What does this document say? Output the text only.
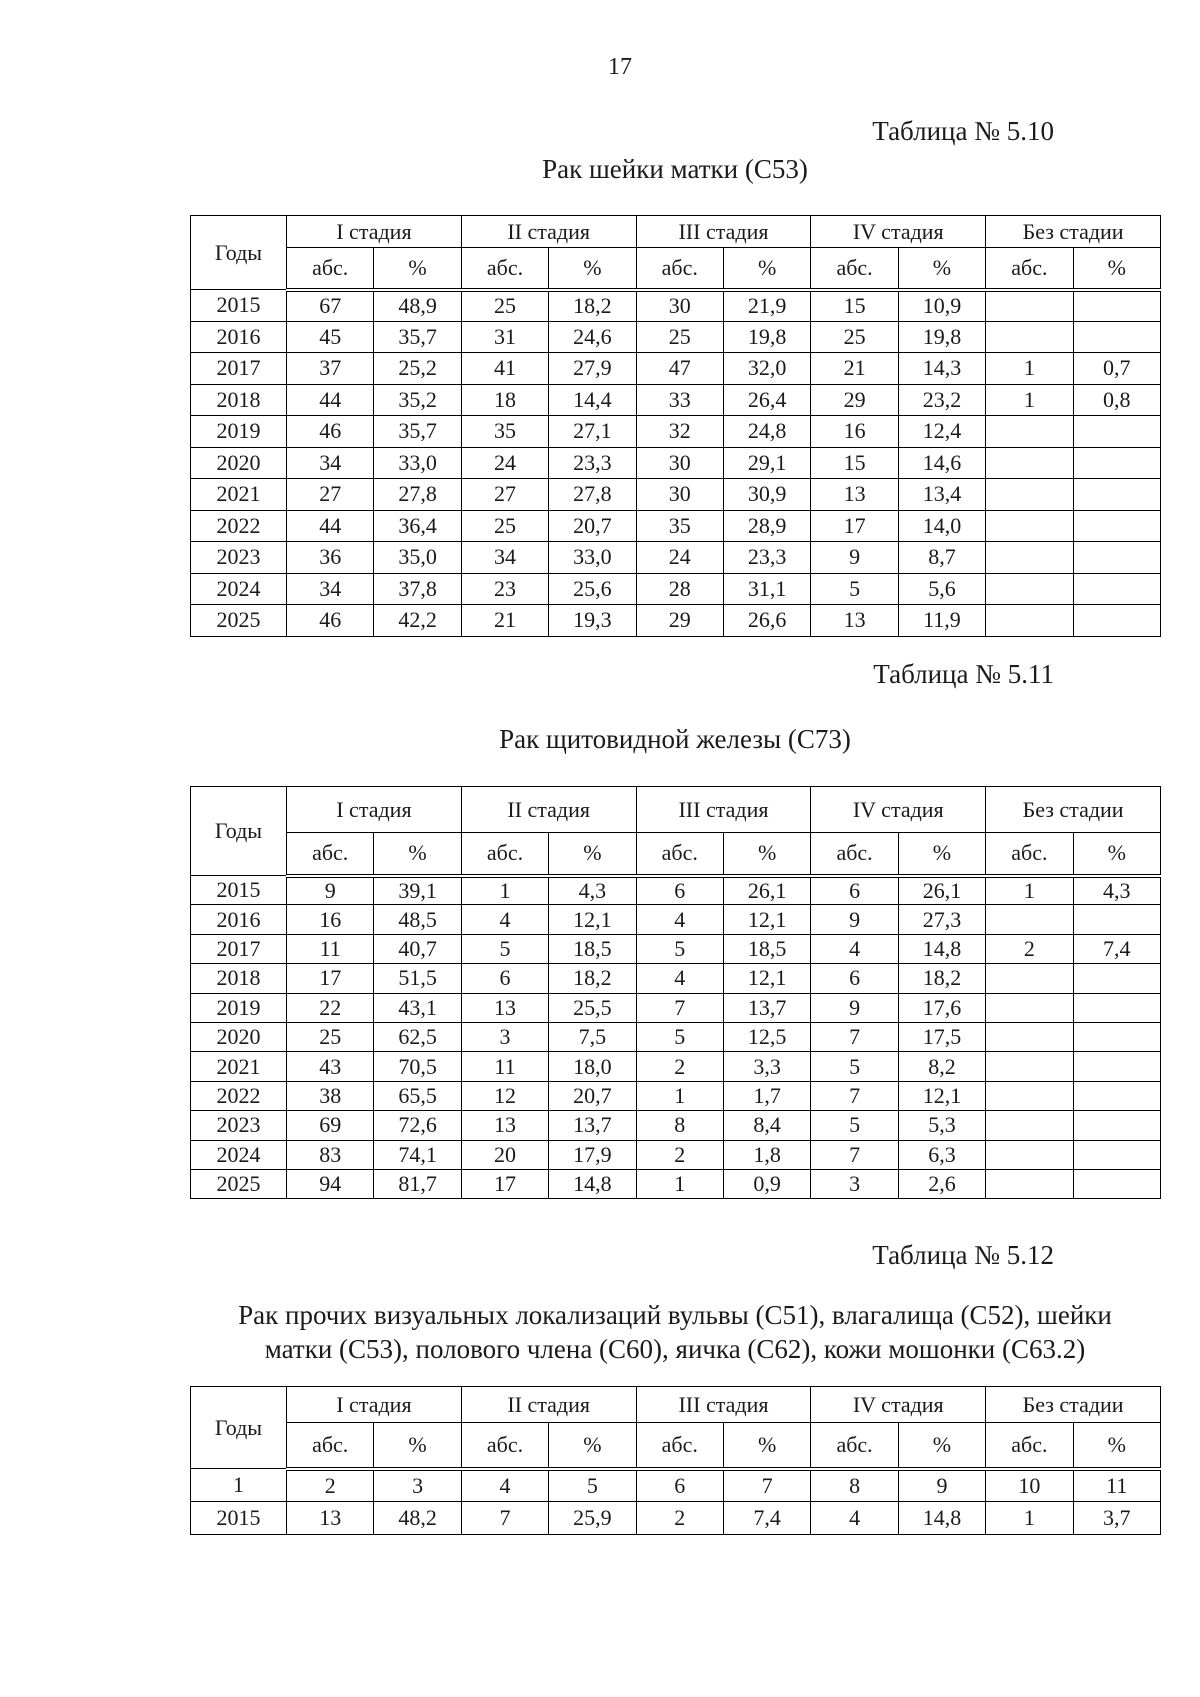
17
Таблица № 5.10
Рак шейки матки (С53)
Годы	I стадия		II стадия		III стадия		IV стадия		Без стадии	
	абс.	%	абс.	%	абс.	%	абс.	%	абс.	%
2015	67	48,9	25	18,2	30	21,9	15	10,9		
2016	45	35,7	31	24,6	25	19,8	25	19,8		
2017	37	25,2	41	27,9	47	32,0	21	14,3	1	0,7
2018	44	35,2	18	14,4	33	26,4	29	23,2	1	0,8
2019	46	35,7	35	27,1	32	24,8	16	12,4		
2020	34	33,0	24	23,3	30	29,1	15	14,6		
2021	27	27,8	27	27,8	30	30,9	13	13,4		
2022	44	36,4	25	20,7	35	28,9	17	14,0		
2023	36	35,0	34	33,0	24	23,3	9	8,7		
2024	34	37,8	23	25,6	28	31,1	5	5,6		
2025	46	42,2	21	19,3	29	26,6	13	11,9		
Таблица № 5.11
Рак щитовидной железы (С73)
Годы	I стадия		II стадия		III стадия		IV стадия		Без стадии	
	абс.	%	абс.	%	абс.	%	абс.	%	абс.	%
2015	9	39,1	1	4,3	6	26,1	6	26,1	1	4,3
2016	16	48,5	4	12,1	4	12,1	9	27,3		
2017	11	40,7	5	18,5	5	18,5	4	14,8	2	7,4
2018	17	51,5	6	18,2	4	12,1	6	18,2		
2019	22	43,1	13	25,5	7	13,7	9	17,6		
2020	25	62,5	3	7,5	5	12,5	7	17,5		
2021	43	70,5	11	18,0	2	3,3	5	8,2		
2022	38	65,5	12	20,7	1	1,7	7	12,1		
2023	69	72,6	13	13,7	8	8,4	5	5,3		
2024	83	74,1	20	17,9	2	1,8	7	6,3		
2025	94	81,7	17	14,8	1	0,9	3	2,6		
Таблица № 5.12
Рак прочих визуальных локализаций вульвы (С51), влагалища (С52), шейки
матки (С53), полового члена (С60), яичка (С62), кожи мошонки (С63.2)
Годы	I стадия		II стадия		III стадия		IV стадия		Без стадии	
	абс.	%	абс.	%	абс.	%	абс.	%	абс.	%
1	2	3	4	5	6	7	8	9	10	11
2015	13	48,2	7	25,9	2	7,4	4	14,8	1	3,7
